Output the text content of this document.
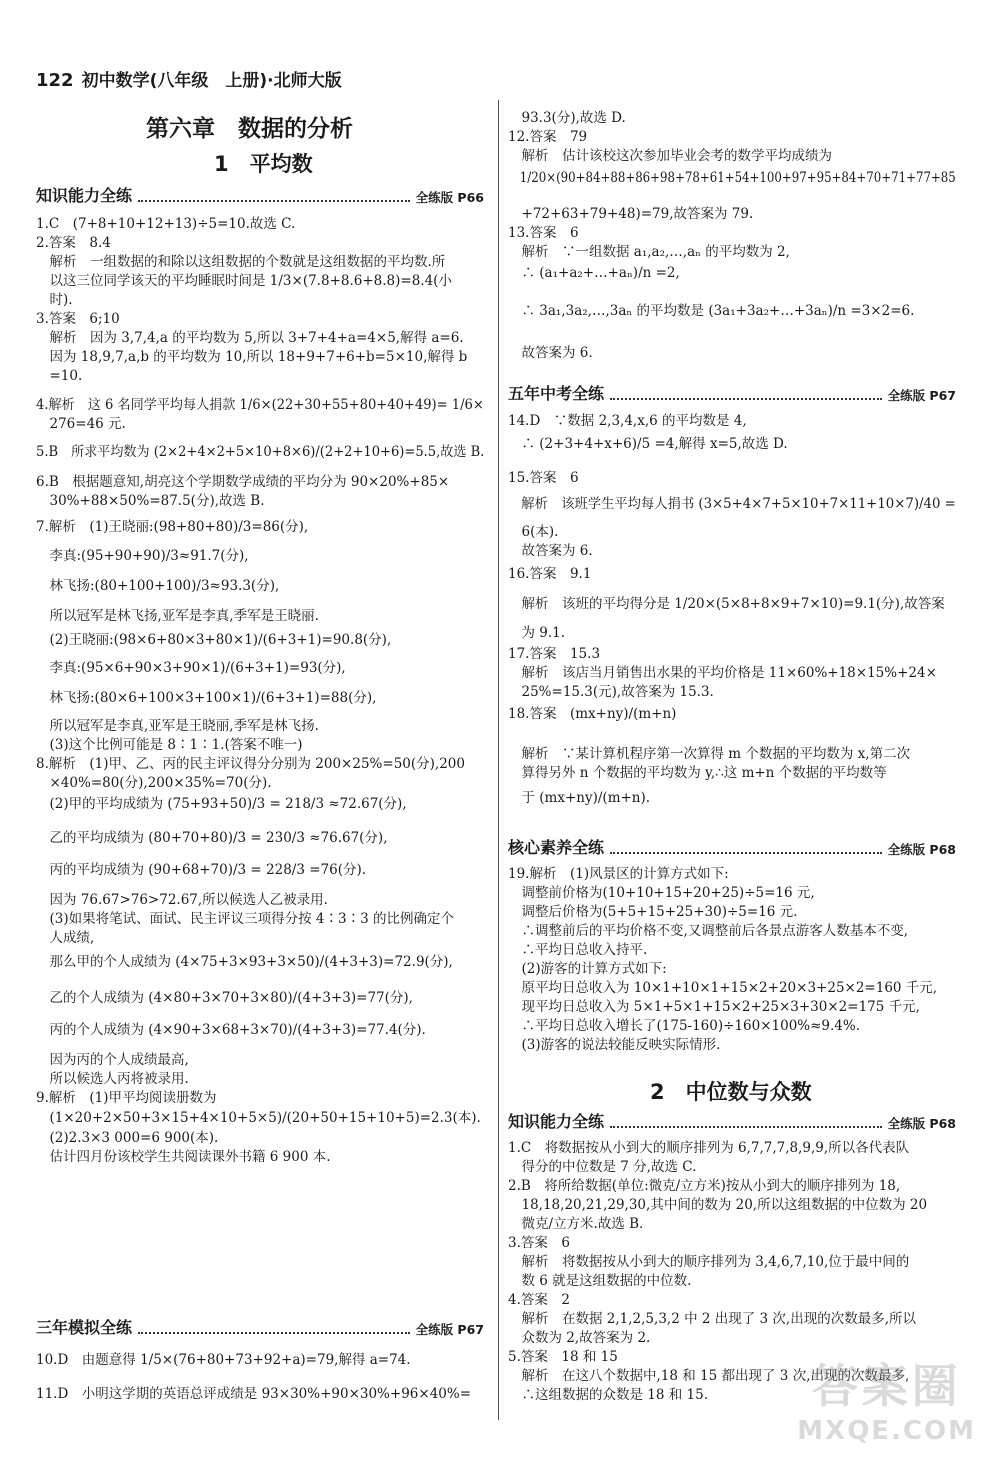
122 初中数学(八年级　上册)·北师大版
第六章　数据的分析
1　平均数
知识能力全练	全练版 P66
三年模拟全练	全练版 P67
1.C　(7+8+10+12+13)÷5=10.故选 C.
2.答案　8.4
　解析　一组数据的和除以这组数据的个数就是这组数据的平均数.所
　以这三位同学该天的平均睡眠时间是 1/3×(7.8+8.6+8.8)=8.4(小
　时).
3.答案　6;10
　解析　因为 3,7,4,a 的平均数为 5,所以 3+7+4+a=4×5,解得 a=6.
　因为 18,9,7,a,b 的平均数为 10,所以 18+9+7+6+b=5×10,解得 b
　=10.
4.解析　这 6 名同学平均每人捐款 1/6×(22+30+55+80+40+49)= 1/6×
　276=46 元.
5.B　所求平均数为 (2×2+4×2+5×10+8×6)/(2+2+10+6)=5.5,故选 B.
6.B　根据题意知,胡亮这个学期数学成绩的平均分为 90×20%+85×
　30%+88×50%=87.5(分),故选 B.
7.解析　(1)王晓丽:(98+80+80)/3=86(分),
　李真:(95+90+90)/3≈91.7(分),
　林飞扬:(80+100+100)/3≈93.3(分),
　所以冠军是林飞扬,亚军是李真,季军是王晓丽.
　(2)王晓丽:(98×6+80×3+80×1)/(6+3+1)=90.8(分),
　李真:(95×6+90×3+90×1)/(6+3+1)=93(分),
　林飞扬:(80×6+100×3+100×1)/(6+3+1)=88(分),
　所以冠军是李真,亚军是王晓丽,季军是林飞扬.
　(3)这个比例可能是 8∶1∶1.(答案不唯一)
8.解析　(1)甲、乙、丙的民主评议得分分别为 200×25%=50(分),200
　×40%=80(分),200×35%=70(分).
　(2)甲的平均成绩为 (75+93+50)/3 = 218/3 ≈72.67(分),
　乙的平均成绩为 (80+70+80)/3 = 230/3 ≈76.67(分),
　丙的平均成绩为 (90+68+70)/3 = 228/3 =76(分).
　因为 76.67>76>72.67,所以候选人乙被录用.
　(3)如果将笔试、面试、民主评议三项得分按 4∶3∶3 的比例确定个
　人成绩,
　那么甲的个人成绩为 (4×75+3×93+3×50)/(4+3+3)=72.9(分),
　乙的个人成绩为 (4×80+3×70+3×80)/(4+3+3)=77(分),
　丙的个人成绩为 (4×90+3×68+3×70)/(4+3+3)=77.4(分).
　因为丙的个人成绩最高,
　所以候选人丙将被录用.
9.解析　(1)甲平均阅读册数为
　(1×20+2×50+3×15+4×10+5×5)/(20+50+15+10+5)=2.3(本).
　(2)2.3×3 000=6 900(本).
　估计四月份该校学生共阅读课外书籍 6 900 本.
10.D　由题意得 1/5×(76+80+73+92+a)=79,解得 a=74.
11.D　小明这学期的英语总评成绩是 93×30%+90×30%+96×40%=
五年中考全练	全练版 P67
核心素养全练	全练版 P68
2　中位数与众数
知识能力全练	全练版 P68
　93.3(分),故选 D.
12.答案　79
　解析　估计该校这次参加毕业会考的数学平均成绩为
　1/20×(90+84+88+86+98+78+61+54+100+97+95+84+70+71+77+85
　+72+63+79+48)=79,故答案为 79.
13.答案　6
　解析　∵一组数据 a₁,a₂,…,aₙ 的平均数为 2,
　∴ (a₁+a₂+…+aₙ)/n =2,
　∴ 3a₁,3a₂,…,3aₙ 的平均数是 (3a₁+3a₂+…+3aₙ)/n =3×2=6.
　故答案为 6.
14.D　∵数据 2,3,4,x,6 的平均数是 4,
　∴ (2+3+4+x+6)/5 =4,解得 x=5,故选 D.
15.答案　6
　解析　该班学生平均每人捐书 (3×5+4×7+5×10+7×11+10×7)/40 =
　6(本).
　故答案为 6.
16.答案　9.1
　解析　该班的平均得分是 1/20×(5×8+8×9+7×10)=9.1(分),故答案
　为 9.1.
17.答案　15.3
　解析　该店当月销售出水果的平均价格是 11×60%+18×15%+24×
　25%=15.3(元),故答案为 15.3.
18.答案　(mx+ny)/(m+n)
　解析　∵某计算机程序第一次算得 m 个数据的平均数为 x,第二次
　算得另外 n 个数据的平均数为 y,∴这 m+n 个数据的平均数等
　于 (mx+ny)/(m+n).
19.解析　(1)风景区的计算方式如下:
　调整前价格为(10+10+15+20+25)÷5=16 元,
　调整后价格为(5+5+15+25+30)÷5=16 元.
　∴调整前后的平均价格不变,又调整前后各景点游客人数基本不变,
　∴平均日总收入持平.
　(2)游客的计算方式如下:
　原平均日总收入为 10×1+10×1+15×2+20×3+25×2=160 千元,
　现平均日总收入为 5×1+5×1+15×2+25×3+30×2=175 千元,
　∴平均日总收入增长了(175-160)÷160×100%≈9.4%.
　(3)游客的说法较能反映实际情形.
1.C　将数据按从小到大的顺序排列为 6,7,7,7,8,9,9,所以各代表队
　得分的中位数是 7 分,故选 C.
2.B　将所给数据(单位:微克/立方米)按从小到大的顺序排列为 18,
　18,18,20,21,29,30,其中间的数为 20,所以这组数据的中位数为 20
　微克/立方米.故选 B.
3.答案　6
　解析　将数据按从小到大的顺序排列为 3,4,6,7,10,位于最中间的
　数 6 就是这组数据的中位数.
4.答案　2
　解析　在数据 2,1,2,5,3,2 中 2 出现了 3 次,出现的次数最多,所以
　众数为 2,故答案为 2.
5.答案　18 和 15
　解析　在这八个数据中,18 和 15 都出现了 3 次,出现的次数最多,
　∴这组数据的众数是 18 和 15.	答案圈
MXQE.COM
